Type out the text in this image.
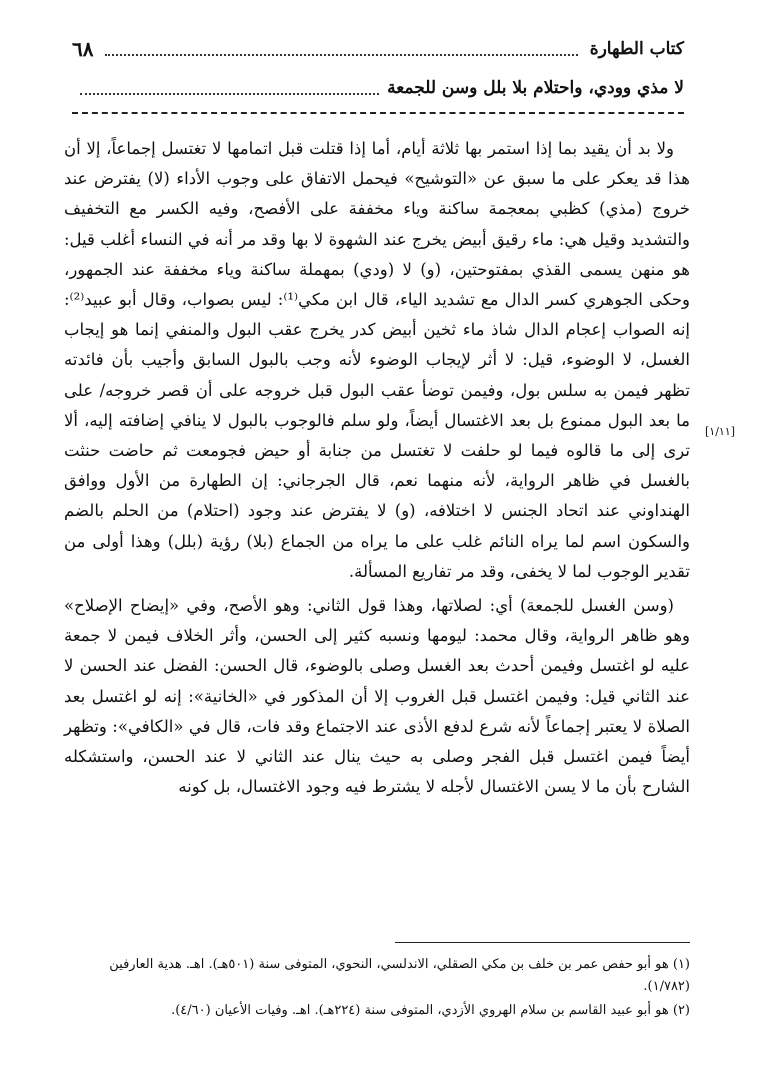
كتاب الطهارة
٦٨
لا مذي وودي، واحتلام بلا بلل وسن للجمعة
[١/١١]

ولا بد أن يقيد بما إذا استمر بها ثلاثة أيام، أما إذا قتلت قبل اتمامها لا تغتسل إجماعاً، إلا أن هذا قد يعكر على ما سبق عن «التوشيح» فيحمل الاتفاق على وجوب الأداء (لا) يفترض عند خروج (مذي) كظبي بمعجمة ساكنة وياء مخففة على الأفصح، وفيه الكسر مع التخفيف والتشديد وقيل هي: ماء رقيق أبيض يخرج عند الشهوة لا بها وقد مر أنه في النساء أغلب قيل: هو منهن يسمى القذي بمفتوحتين، (و) لا (ودي) بمهملة ساكنة وياء مخففة عند الجمهور، وحكى الجوهري كسر الدال مع تشديد الياء، قال ابن مكي⁽¹⁾: ليس بصواب، وقال أبو عبيد⁽²⁾: إنه الصواب إعجام الدال شاذ ماء ثخين أبيض كدر يخرج عقب البول والمنفي إنما هو إيجاب الغسل، لا الوضوء، قيل: لا أثر لإيجاب الوضوء لأنه وجب بالبول السابق وأجيب بأن فائدته تظهر فيمن به سلس بول، وفيمن توضأ عقب البول قبل خروجه على أن قصر خروجه/ على ما بعد البول ممنوع بل بعد الاغتسال أيضاً، ولو سلم فالوجوب بالبول لا ينافي إضافته إليه، ألا ترى إلى ما قالوه فيما لو حلفت لا تغتسل من جنابة أو حيض فجومعت ثم حاضت حنثت بالغسل في ظاهر الرواية، لأنه منهما نعم، قال الجرجاني: إن الطهارة من الأول ووافق الهنداوني عند اتحاد الجنس لا اختلافه، (و) لا يفترض عند وجود (احتلام) من الحلم بالضم والسكون اسم لما يراه النائم غلب على ما يراه من الجماع (بلا) رؤية (بلل) وهذا أولى من تقدير الوجوب لما لا يخفى، وقد مر تفاريع المسألة.

(وسن الغسل للجمعة) أي: لصلاتها، وهذا قول الثاني: وهو الأصح، وفي «إيضاح الإصلاح» وهو ظاهر الرواية، وقال محمد: ليومها ونسبه كثير إلى الحسن، وأثر الخلاف فيمن لا جمعة عليه لو اغتسل وفيمن أحدث بعد الغسل وصلى بالوضوء، قال الحسن: الفضل عند الحسن لا عند الثاني قيل: وفيمن اغتسل قبل الغروب إلا أن المذكور في «الخانية»: إنه لو اغتسل بعد الصلاة لا يعتبر إجماعاً لأنه شرع لدفع الأذى عند الاجتماع وقد فات، قال في «الكافي»: وتظهر أيضاً فيمن اغتسل قبل الفجر وصلى به حيث ينال عند الثاني لا عند الحسن، واستشكله الشارح بأن ما لا يسن الاغتسال لأجله لا يشترط فيه وجود الاغتسال، بل كونه

(١) هو أبو حفص عمر بن خلف بن مكي الصقلي، الاندلسي، النحوي، المتوفى سنة (٥٠١هـ). اهـ. هدية العارفين (١/٧٨٢).

(٢) هو أبو عبيد القاسم بن سلام الهروي الأزدي، المتوفى سنة (٢٢٤هـ). اهـ. وفيات الأعيان (٤/٦٠).
